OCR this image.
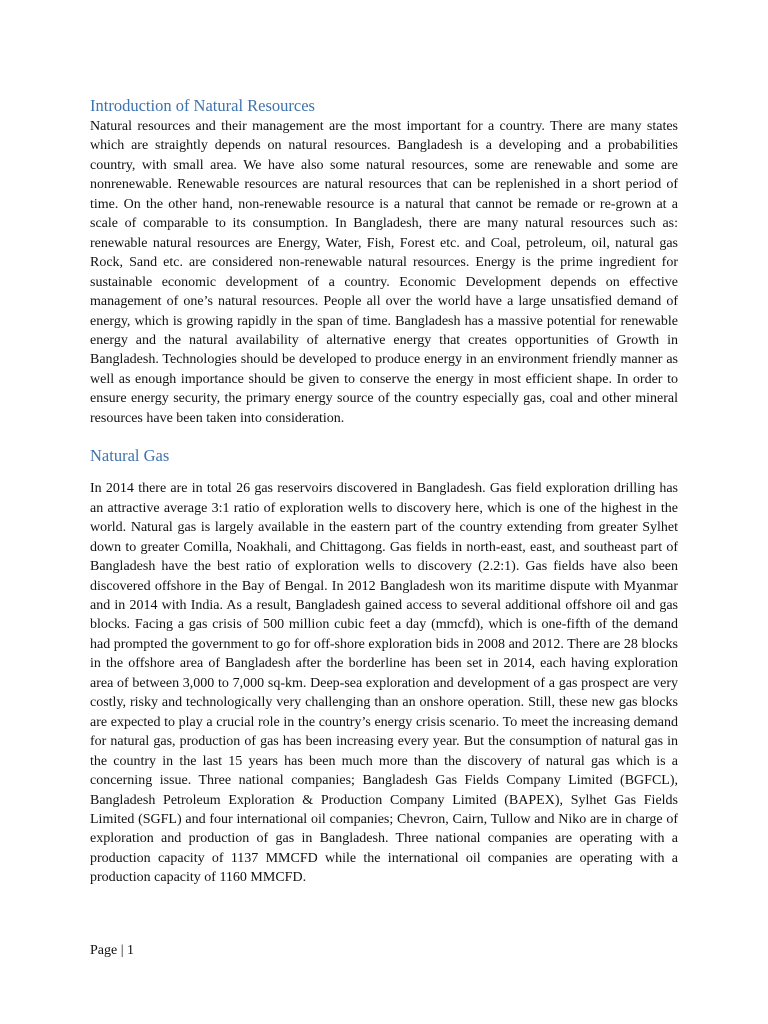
Introduction of Natural Resources

Natural resources and their management are the most important for a country. There are many states which are straightly depends on natural resources. Bangladesh is a developing and a probabilities country, with small area. We have also some natural resources, some are renewable and some are nonrenewable. Renewable resources are natural resources that can be replenished in a short period of time. On the other hand, non-renewable resource is a natural that cannot be remade or re-grown at a scale of comparable to its consumption. In Bangladesh, there are many natural resources such as: renewable natural resources are Energy, Water, Fish, Forest etc. and Coal, petroleum, oil, natural gas Rock, Sand etc. are considered non-renewable natural resources. Energy is the prime ingredient for sustainable economic development of a country. Economic Development depends on effective management of one’s natural resources. People all over the world have a large unsatisfied demand of energy, which is growing rapidly in the span of time. Bangladesh has a massive potential for renewable energy and the natural availability of alternative energy that creates opportunities of Growth in Bangladesh. Technologies should be developed to produce energy in an environment friendly manner as well as enough importance should be given to conserve the energy in most efficient shape. In order to ensure energy security, the primary energy source of the country especially gas, coal and other mineral resources have been taken into consideration.

Natural Gas

In 2014 there are in total 26 gas reservoirs discovered in Bangladesh. Gas field exploration drilling has an attractive average 3:1 ratio of exploration wells to discovery here, which is one of the highest in the world. Natural gas is largely available in the eastern part of the country extending from greater Sylhet down to greater Comilla, Noakhali, and Chittagong. Gas fields in north-east, east, and southeast part of Bangladesh have the best ratio of exploration wells to discovery (2.2:1). Gas fields have also been discovered offshore in the Bay of Bengal. In 2012 Bangladesh won its maritime dispute with Myanmar and in 2014 with India. As a result, Bangladesh gained access to several additional offshore oil and gas blocks. Facing a gas crisis of 500 million cubic feet a day (mmcfd), which is one-fifth of the demand had prompted the government to go for off-shore exploration bids in 2008 and 2012. There are 28 blocks in the offshore area of Bangladesh after the borderline has been set in 2014, each having exploration area of between 3,000 to 7,000 sq-km. Deep-sea exploration and development of a gas prospect are very costly, risky and technologically very challenging than an onshore operation. Still, these new gas blocks are expected to play a crucial role in the country’s energy crisis scenario. To meet the increasing demand for natural gas, production of gas has been increasing every year. But the consumption of natural gas in the country in the last 15 years has been much more than the discovery of natural gas which is a concerning issue. Three national companies; Bangladesh Gas Fields Company Limited (BGFCL), Bangladesh Petroleum Exploration & Production Company Limited (BAPEX), Sylhet Gas Fields Limited (SGFL) and four international oil companies; Chevron, Cairn, Tullow and Niko are in charge of exploration and production of gas in Bangladesh. Three national companies are operating with a production capacity of 1137 MMCFD while the international oil companies are operating with a production capacity of 1160 MMCFD.

Page | 1
